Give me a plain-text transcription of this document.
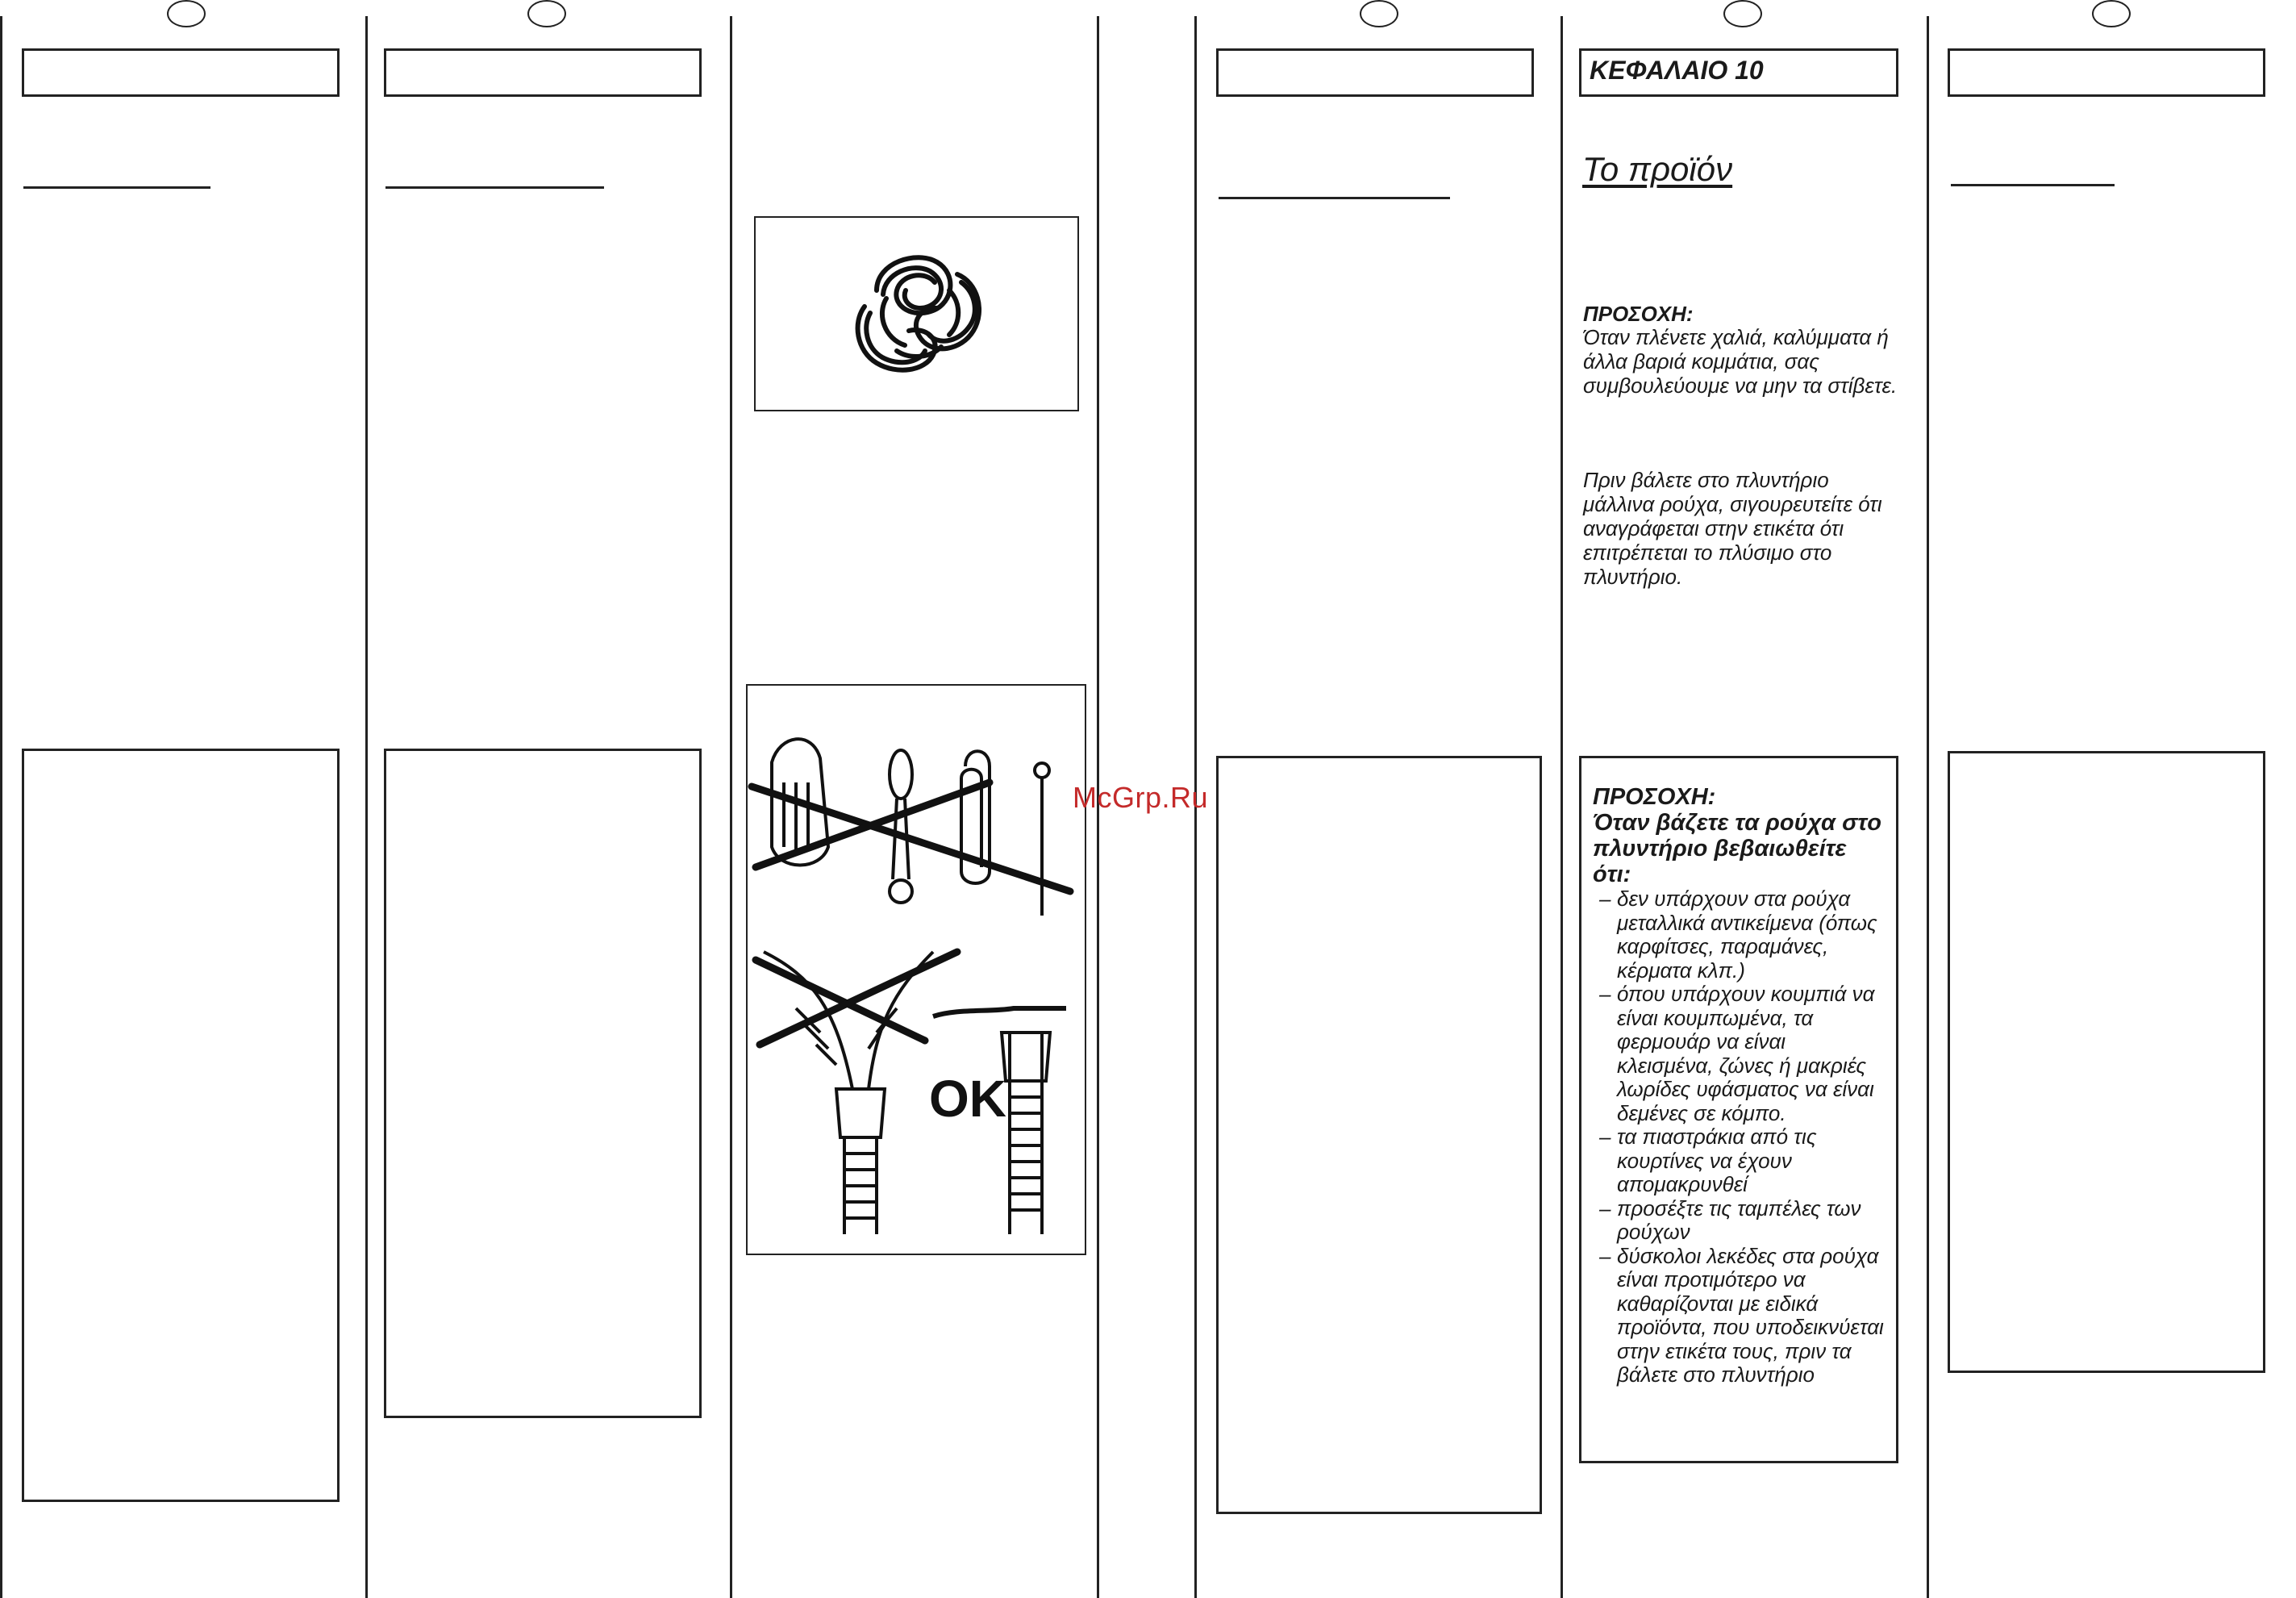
OK
McGrp.Ru
ΚΕΦΑΛΑΙΟ 10
Το προϊόν
ΠΡΟΣΟΧΗ:
Όταν πλένετε χαλιά, καλύμματα ή άλλα βαριά κομμάτια, σας συμβουλεύουμε να μην τα στίβετε.
Πριν βάλετε στο πλυντήριο μάλλινα ρούχα, σιγουρευτείτε ότι αναγράφεται στην ετικέτα ότι επιτρέπεται το πλύσιμο στο πλυντήριο.
ΠΡΟΣΟΧΗ:
Όταν βάζετε τα ρούχα στο πλυντήριο βεβαιωθείτε ότι:
– δεν υπάρχουν στα ρούχα μεταλλικά αντικείμενα (όπως καρφίτσες, παραμάνες, κέρματα κλπ.)
– όπου υπάρχουν κουμπιά να είναι κουμπωμένα, τα φερμουάρ να είναι κλεισμένα, ζώνες ή μακριές λωρίδες υφάσματος να είναι δεμένες σε κόμπο.
– τα πιαστράκια από τις κουρτίνες να έχουν απομακρυνθεί
– προσέξτε τις ταμπέλες των ρούχων
– δύσκολοι λεκέδες στα ρούχα είναι προτιμότερο να καθαρίζονται με ειδικά προϊόντα, που υποδεικνύεται στην ετικέτα τους, πριν τα βάλετε στο πλυντήριο
